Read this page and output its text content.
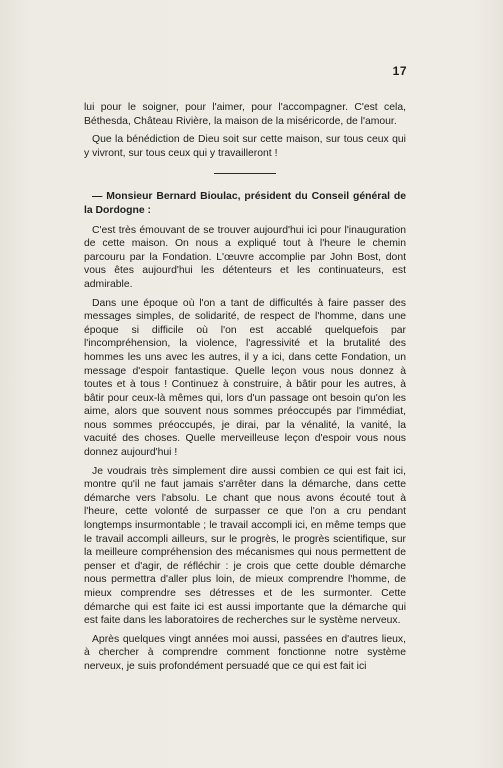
17

lui pour le soigner, pour l'aimer, pour l'accompagner. C'est cela, Béthesda, Château Rivière, la maison de la miséricorde, de l'amour.

Que la bénédiction de Dieu soit sur cette maison, sur tous ceux qui y vivront, sur tous ceux qui y travailleront !

— Monsieur Bernard Bioulac, président du Conseil général de la Dordogne :

C'est très émouvant de se trouver aujourd'hui ici pour l'inauguration de cette maison. On nous a expliqué tout à l'heure le chemin parcouru par la Fondation. L'œuvre accomplie par John Bost, dont vous êtes aujourd'hui les détenteurs et les continuateurs, est admirable.

Dans une époque où l'on a tant de difficultés à faire passer des messages simples, de solidarité, de respect de l'homme, dans une époque si difficile où l'on est accablé quelquefois par l'incompréhension, la violence, l'agressivité et la brutalité des hommes les uns avec les autres, il y a ici, dans cette Fondation, un message d'espoir fantastique. Quelle leçon vous nous donnez à toutes et à tous ! Continuez à construire, à bâtir pour les autres, à bâtir pour ceux-là mêmes qui, lors d'un passage ont besoin qu'on les aime, alors que souvent nous sommes préoccupés par l'immédiat, nous sommes préoccupés, je dirai, par la vénalité, la vanité, la vacuité des choses. Quelle merveilleuse leçon d'espoir vous nous donnez aujourd'hui !

Je voudrais très simplement dire aussi combien ce qui est fait ici, montre qu'il ne faut jamais s'arrêter dans la démarche, dans cette démarche vers l'absolu. Le chant que nous avons écouté tout à l'heure, cette volonté de surpasser ce que l'on a cru pendant longtemps insurmontable ; le travail accompli ici, en même temps que le travail accompli ailleurs, sur le progrès, le progrès scientifique, sur la meilleure compréhension des mécanismes qui nous permettent de penser et d'agir, de réfléchir : je crois que cette double démarche nous permettra d'aller plus loin, de mieux comprendre l'homme, de mieux comprendre ses détresses et de les surmonter. Cette démarche qui est faite ici est aussi importante que la démarche qui est faite dans les laboratoires de recherches sur le système nerveux.

Après quelques vingt années moi aussi, passées en d'autres lieux, à chercher à comprendre comment fonctionne notre système nerveux, je suis profondément persuadé que ce qui est fait ici
